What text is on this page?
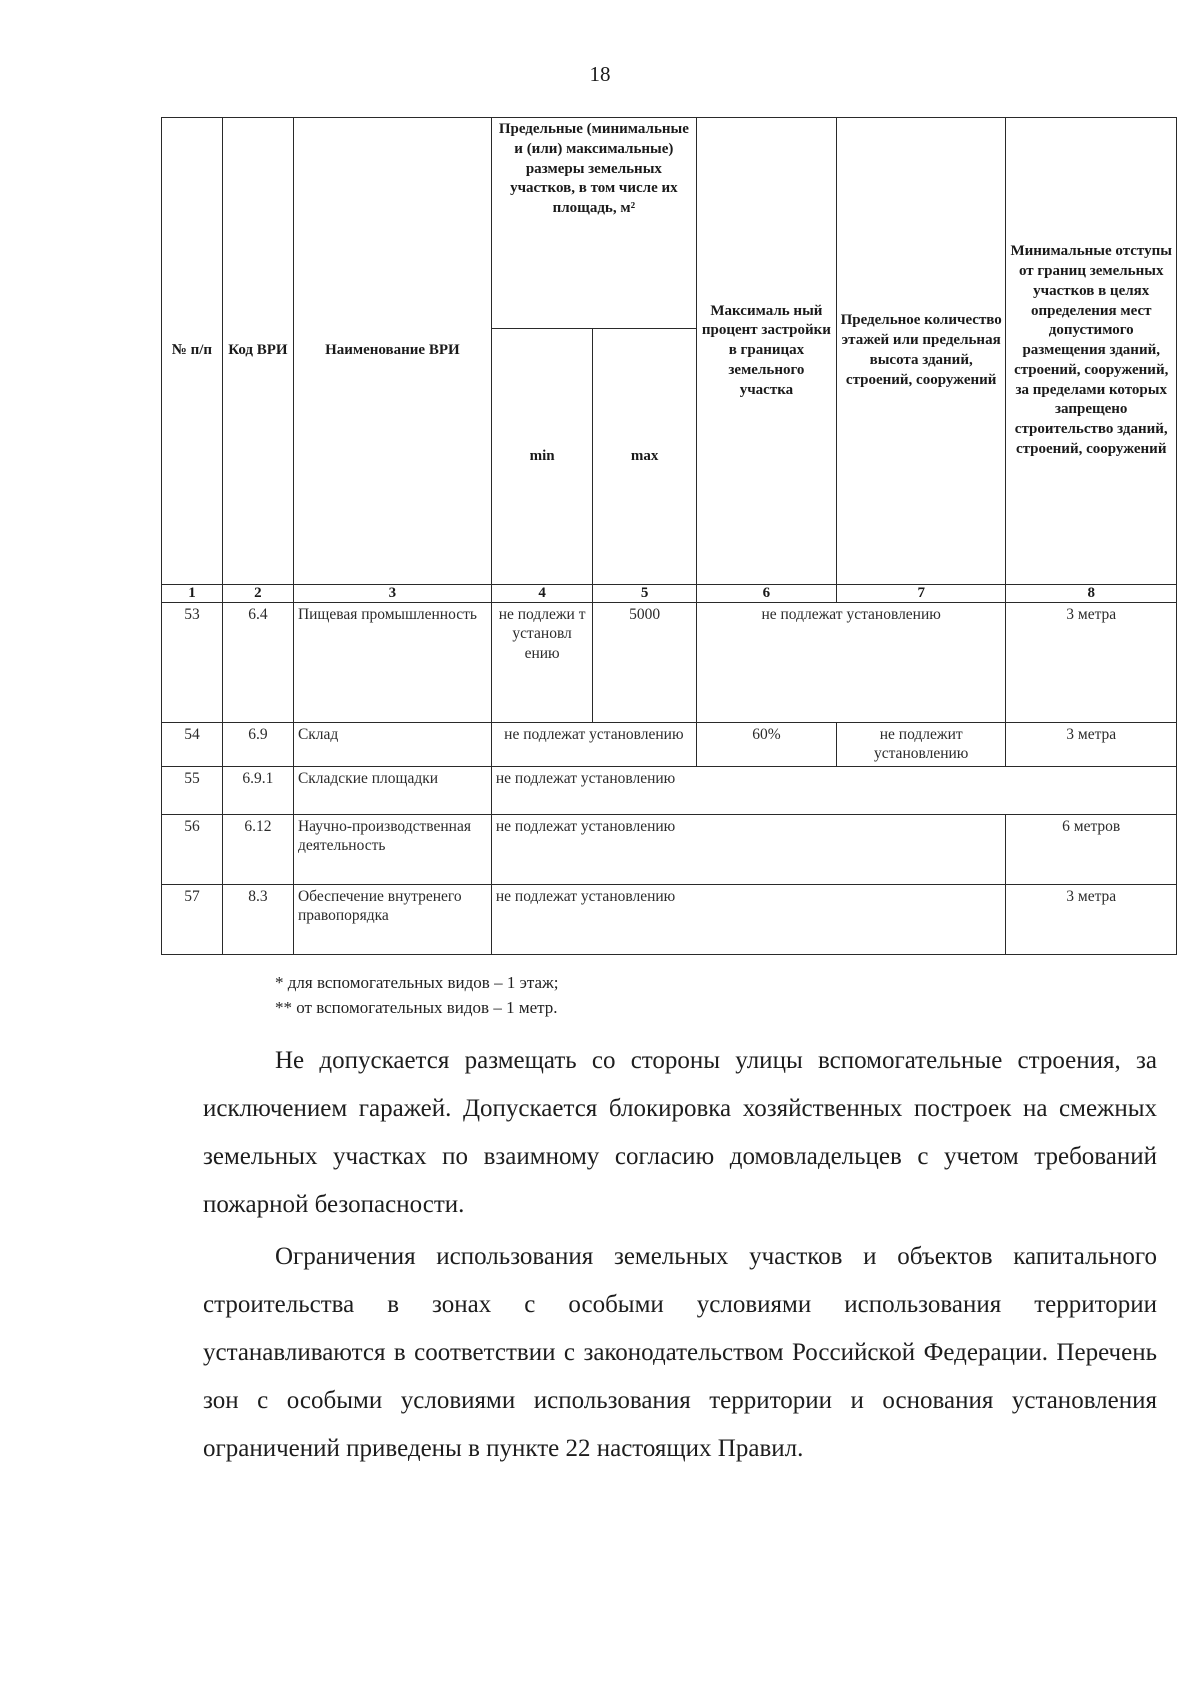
18
№ п/п	Код ВРИ	Наименование ВРИ	Предельные (минимальные и (или) максимальные) размеры земельных участков, в том числе их площадь, м²		Максималь ный процент застройки в границах земельного участка	Предельное количество этажей или предельная высота зданий, строений, сооружений	Минимальные отступы от границ земельных участков в целях определения мест допустимого размещения зданий, строений, сооружений, за пределами которых запрещено строительство зданий, строений, сооружений
			min	max			
1	2	3	4	5	6	7	8
53	6.4	Пищевая промышленность	не подлежи т установл ению	5000	не подлежат установлению		3 метра
54	6.9	Склад	не подлежат установлению		60%	не подлежит установлению	3 метра
55	6.9.1	Складские площадки	не подлежат установлению				
56	6.12	Научно-производственная деятельность	не подлежат установлению				6 метров
57	8.3	Обеспечение внутренего правопорядка	не подлежат установлению				3 метра
* для вспомогательных видов – 1 этаж;
** от вспомогательных видов – 1 метр.

Не допускается размещать со стороны улицы вспомогательные строения, за исключением гаражей. Допускается блокировка хозяйственных построек на смежных земельных участках по взаимному согласию домовладельцев с учетом требований пожарной безопасности.

Ограничения использования земельных участков и объектов капитального строительства в зонах с особыми условиями использования территории устанавливаются в соответствии с законодательством Российской Федерации. Перечень зон с особыми условиями использования территории и основания установления ограничений приведены в пункте 22 настоящих Правил.
